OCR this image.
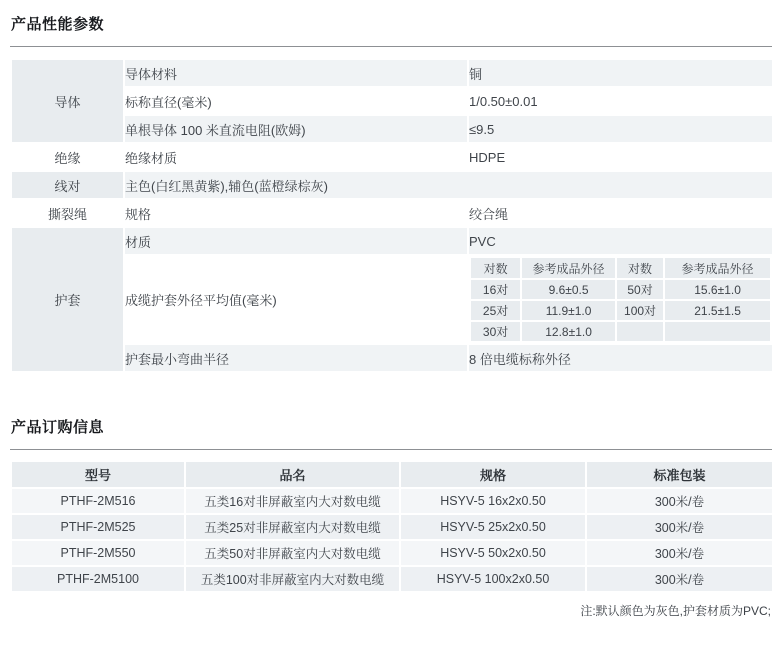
产品性能参数
导体	导体材料	铜
标称直径(毫米)	1/0.50±0.01
单根导体 100 米直流电阻(欧姆)	≤9.5
绝缘	绝缘材质	HDPE
线对	主色(白红黑黄紫),辅色(蓝橙绿棕灰)
撕裂绳	规格	绞合绳
护套	材质	PVC
成缆护套外径平均值(毫米)	
对数	参考成品外径	对数	参考成品外径
16对	9.6±0.5	50对	15.6±1.0
25对	11.9±1.0	100对	21.5±1.5
30对	12.8±1.0		

护套最小弯曲半径	8 倍电缆标称外径
产品订购信息
型号	品名	规格	标准包装
PTHF-2M516	五类16对非屏蔽室内大对数电缆	HSYV-5 16x2x0.50	300米/卷
PTHF-2M525	五类25对非屏蔽室内大对数电缆	HSYV-5 25x2x0.50	300米/卷
PTHF-2M550	五类50对非屏蔽室内大对数电缆	HSYV-5 50x2x0.50	300米/卷
PTHF-2M5100	五类100对非屏蔽室内大对数电缆	HSYV-5 100x2x0.50	300米/卷
注:默认颜色为灰色,护套材质为PVC;
